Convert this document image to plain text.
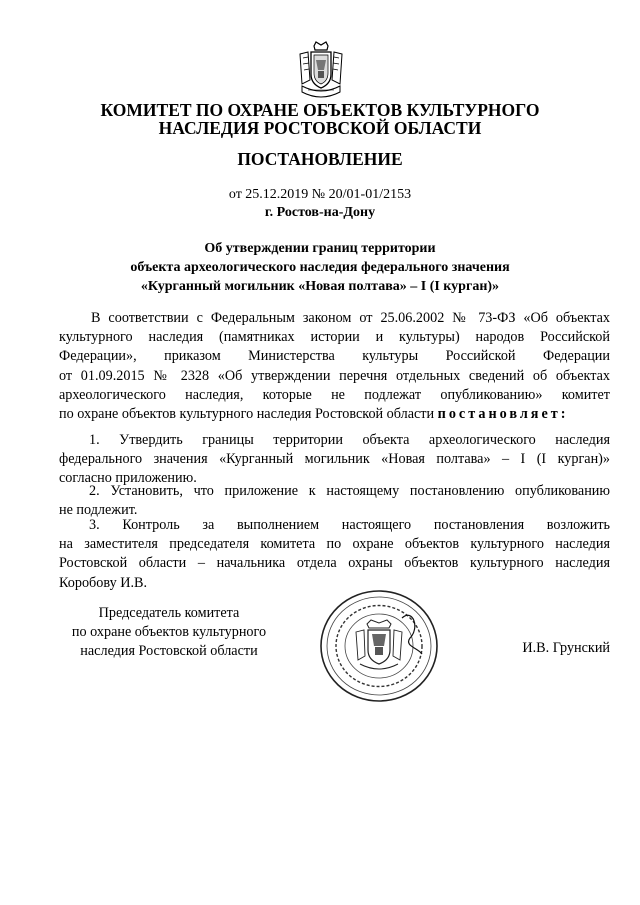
КОМИТЕТ ПО ОХРАНЕ ОБЪЕКТОВ КУЛЬТУРНОГО
НАСЛЕДИЯ РОСТОВСКОЙ ОБЛАСТИ
ПОСТАНОВЛЕНИЕ
от 25.12.2019 № 20/01-01/2153
г. Ростов-на-Дону
Об утверждении границ территории
объекта археологического наследия федерального значения
«Курганный могильник «Новая полтава» – I (I курган)»
В соответствии с Федеральным законом от 25.06.2002 № 73-ФЗ «Об объектах
культурного наследия (памятниках истории и культуры) народов Российской
Федерации», приказом Министерства культуры Российской Федерации
от 01.09.2015 № 2328 «Об утверждении перечня отдельных сведений об объектах
археологического наследия, которые не подлежат опубликованию» комитет
по охране объектов культурного наследия Ростовской области постановляет:
1. Утвердить границы территории объекта археологического наследия
федерального значения «Курганный могильник «Новая полтава» – I (I курган)»
согласно приложению.
2. Установить, что приложение к настоящему постановлению опубликованию
не подлежит.
3. Контроль за выполнением настоящего постановления возложить
на заместителя председателя комитета по охране объектов культурного наследия
Ростовской области – начальника отдела охраны объектов культурного наследия
Коробову И.В.
Председатель комитета
по охране объектов культурного
наследия Ростовской области	И.В. Грунский
